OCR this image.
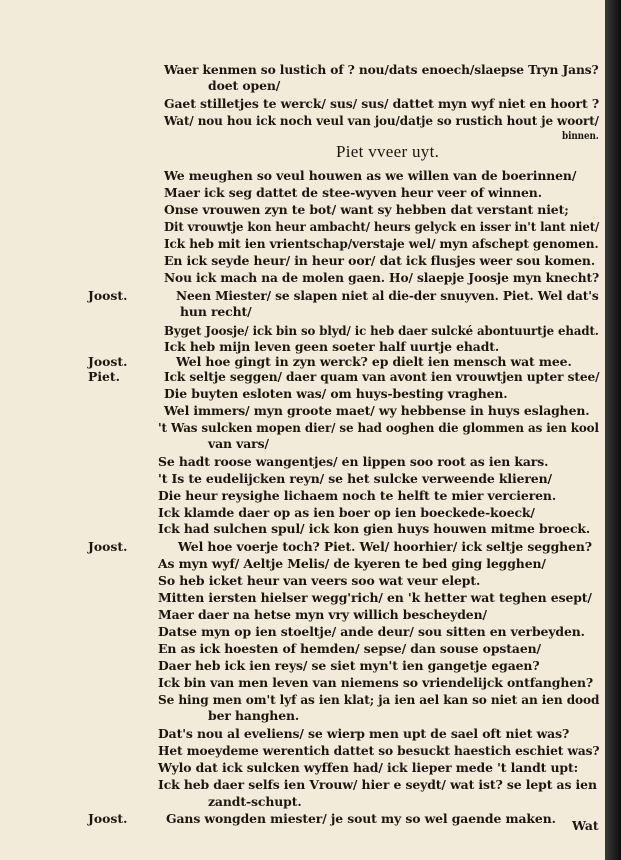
Waer kenmen so lustich of ? nou/dats enoech/slaepse Tryn Jans?
doet open/
Gaet stilletjes te werck/ sus/ sus/ dattet myn wyf niet en hoort ?
Wat/ nou hou ick noch veul van jou/datje so rustich hout je woort/
binnen.
Piet vveer uyt.
We meughen so veul houwen as we willen van de boerinnen/
Maer ick seg dattet de stee-wyven heur veer of winnen.
Onse vrouwen zyn te bot/ want sy hebben dat verstant niet;
Dit vrouwtje kon heur ambacht/ heurs gelyck en isser in't lant niet/
Ick heb mit ien vrientschap/verstaje wel/ myn afschept genomen.
En ick seyde heur/ in heur oor/ dat ick flusjes weer sou komen.
Nou ick mach na de molen gaen. Ho/ slaepje Joosje myn knecht?
Joost.	Neen Miester/ se slapen niet al die-der snuyven. Piet. Wel dat's
hun recht/
Byget Joosje/ ick bin so blyd/ ic heb daer sulcké abontuurtje ehadt.
Ick heb mijn leven geen soeter half uurtje ehadt.
Joost.	Wel hoe gingt in zyn werck? ep dielt ien mensch wat mee.
Piet.	Ick seltje seggen/ daer quam van avont ien vrouwtjen upter stee/
Die buyten esloten was/ om huys-besting vraghen.
Wel immers/ myn groote maet/ wy hebbense in huys eslaghen.
't Was sulcken mopen dier/ se had ooghen die glommen as ien kool
van vars/
Se hadt roose wangentjes/ en lippen soo root as ien kars.
't Is te eudelijcken reyn/ se het sulcke verweende klieren/
Die heur reysighe lichaem noch te helft te mier vercieren.
Ick klamde daer op as ien boer op ien boeckede-koeck/
Ick had sulchen spul/ ick kon gien huys houwen mitme broeck.
Joost.	Wel hoe voerje toch? Piet. Wel/ hoorhier/ ick seltje segghen?
As myn wyf/ Aeltje Melis/ de kyeren te bed ging legghen/
So heb icket heur van veers soo wat veur elept.
Mitten iersten hielser wegg'rich/ en 'k hetter wat teghen esept/
Maer daer na hetse myn vry willich bescheyden/
Datse myn op ien stoeltje/ ande deur/ sou sitten en verbeyden.
En as ick hoesten of hemden/ sepse/ dan souse opstaen/
Daer heb ick ien reys/ se siet myn't ien gangetje egaen?
Ick bin van men leven van niemens so vriendelijck ontfanghen?
Se hing men om't lyf as ien klat; ja ien ael kan so niet an ien dood
ber hanghen.
Dat's nou al eveliens/ se wierp men upt de sael oft niet was?
Het moeydeme werentich dattet so besuckt haestich eschiet was?
Wylo dat ick sulcken wyffen had/ ick lieper mede 't landt upt:
Ick heb daer selfs ien Vrouw/ hier e seydt/ wat ist? se lept as ien
zandt-schupt.
Joost.	Gans wongden miester/ je sout my so wel gaende maken. Wat
